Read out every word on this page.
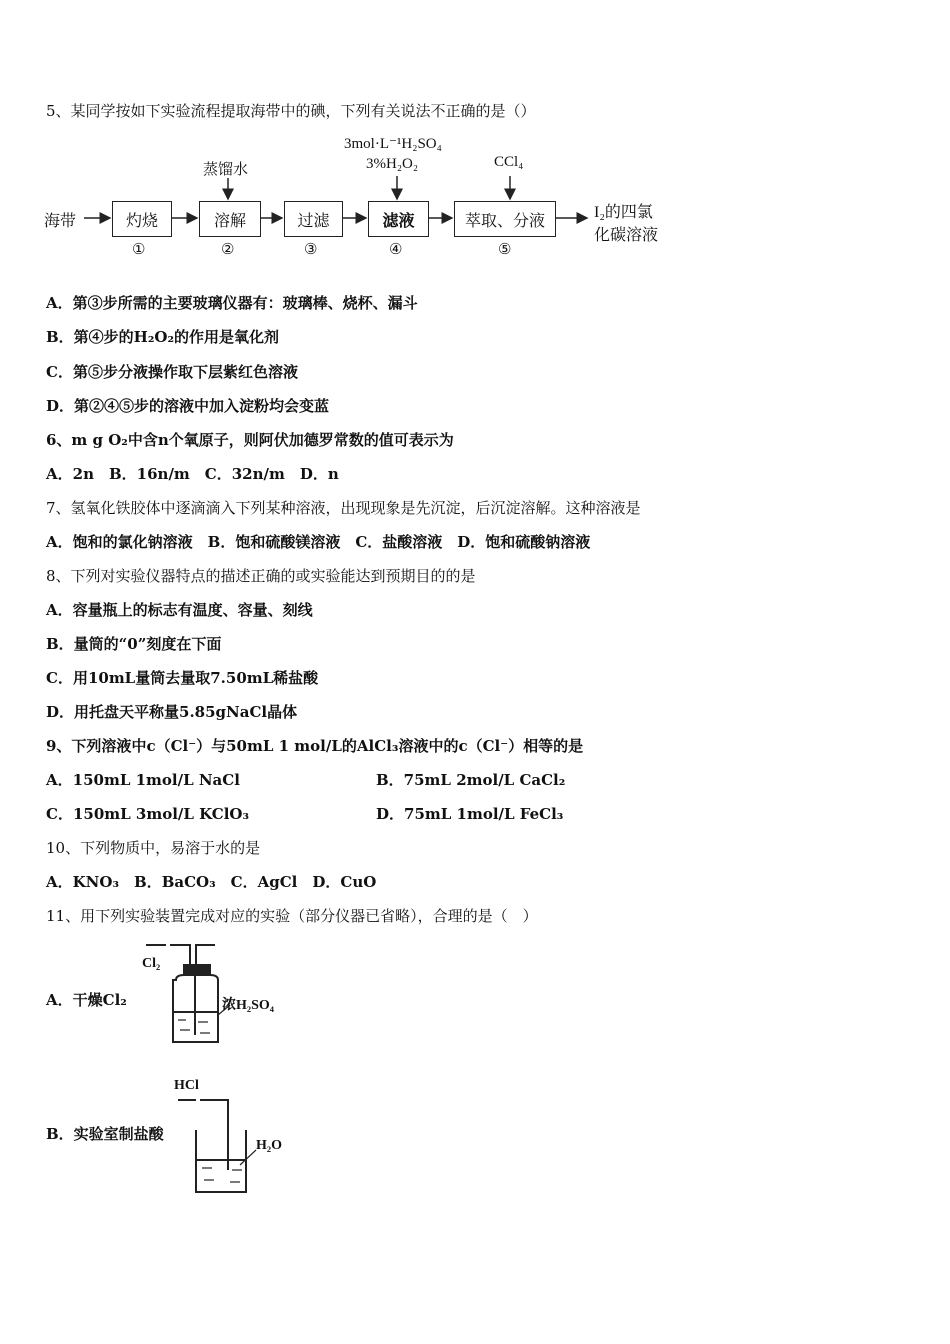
5、某同学按如下实验流程提取海带中的碘，下列有关说法不正确的是（）
海带	灼烧	溶解	过滤	滤液	萃取、分液
①	②	③	④	⑤
蒸馏水
3mol·L⁻¹H₂SO₄
3%H₂O₂	CCl₄
I₂的四氯
化碳溶液
A．第③步所需的主要玻璃仪器有：玻璃棒、烧杯、漏斗
B．第④步的H₂O₂的作用是氧化剂
C．第⑤步分液操作取下层紫红色溶液
D．第②④⑤步的溶液中加入淀粉均会变蓝
6、m g O₂中含n个氧原子，则阿伏加德罗常数的值可表示为
A．2n　B．16n/m　C．32n/m　D．n
7、氢氧化铁胶体中逐滴滴入下列某种溶液，出现现象是先沉淀，后沉淀溶解。这种溶液是
A．饱和的氯化钠溶液　B．饱和硫酸镁溶液　C．盐酸溶液　D．饱和硫酸钠溶液
8、下列对实验仪器特点的描述正确的或实验能达到预期目的的是
A．容量瓶上的标志有温度、容量、刻线
B．量筒的“0”刻度在下面
C．用10mL量筒去量取7.50mL稀盐酸
D．用托盘天平称量5.85gNaCl晶体
9、下列溶液中c（Cl⁻）与50mL 1 mol/L的AlCl₃溶液中的c（Cl⁻）相等的是
A．150mL 1mol/L NaCl	B．75mL 2mol/L CaCl₂
C．150mL 3mol/L KClO₃	D．75mL 1mol/L FeCl₃
10、下列物质中，易溶于水的是
A．KNO₃　B．BaCO₃　C．AgCl　D．CuO
11、用下列实验装置完成对应的实验（部分仪器已省略），合理的是（　）
A．干燥Cl₂
Cl₂
浓H₂SO₄
B．实验室制盐酸
HCl
H₂O
